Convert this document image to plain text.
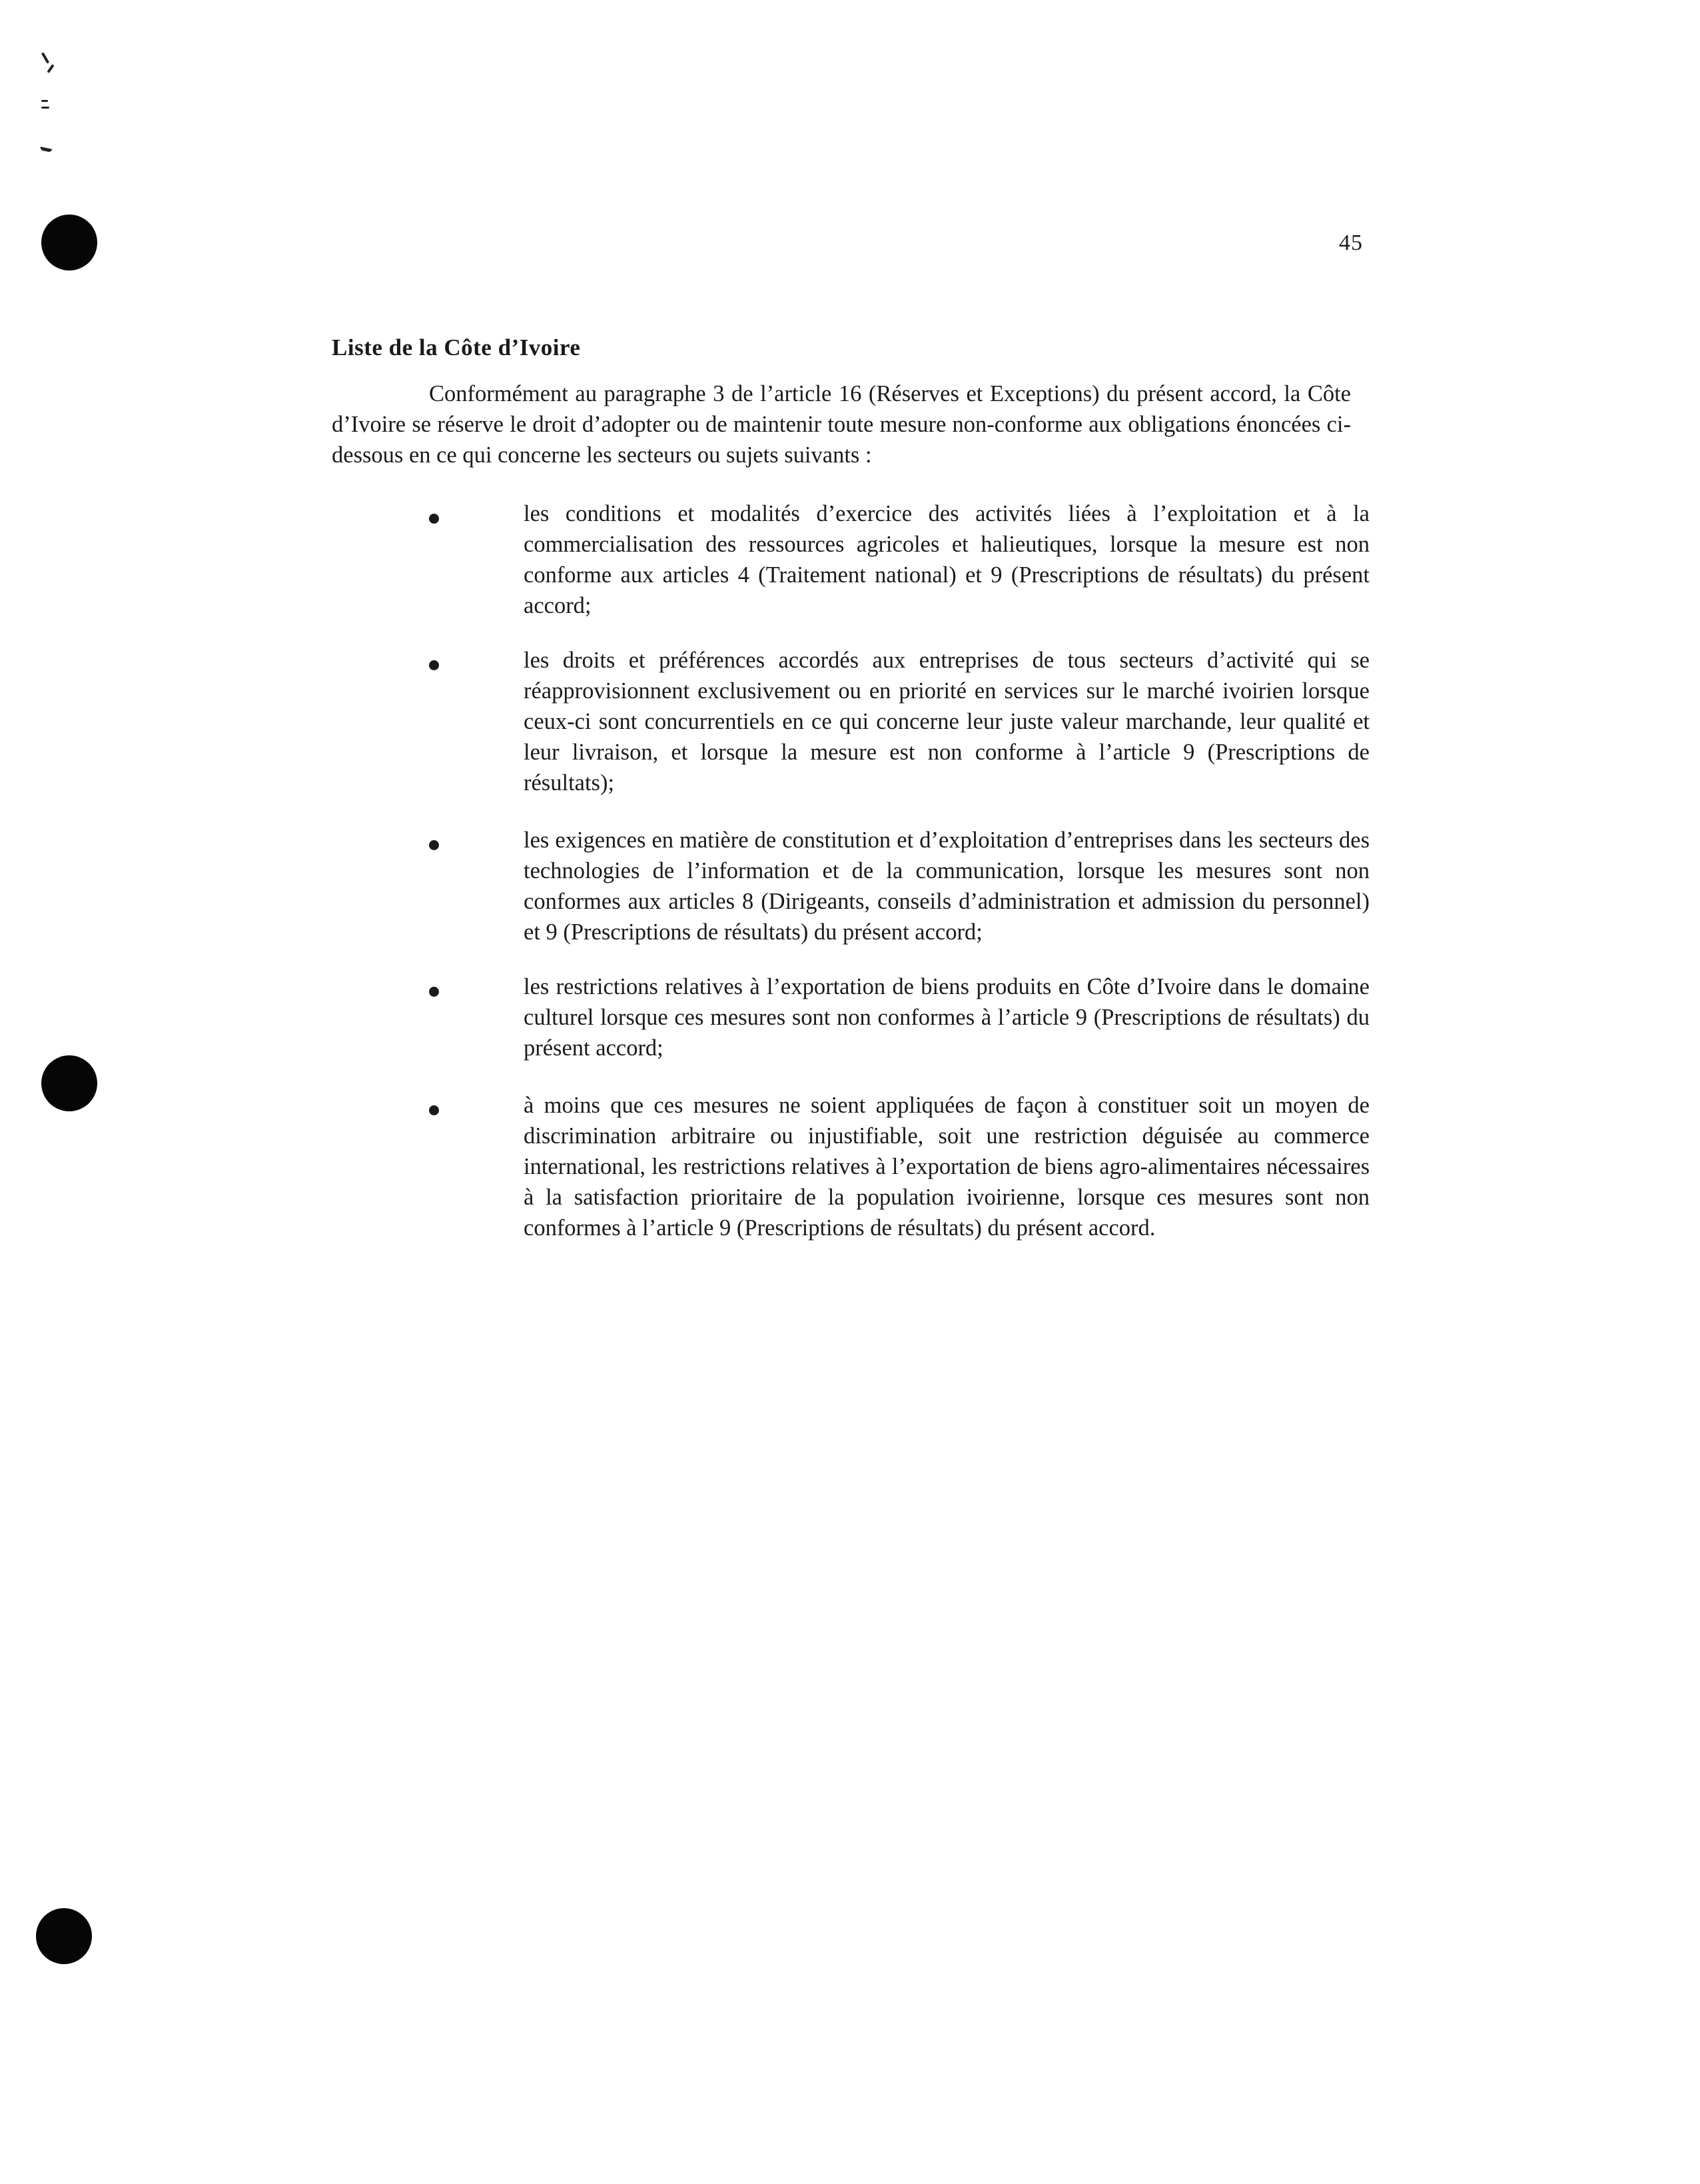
45
Liste de la Côte d’Ivoire

Conformément au paragraphe 3 de l’article 16 (Réserves et Exceptions) du présent accord, la Côte d’Ivoire se réserve le droit d’adopter ou de maintenir toute mesure non-conforme aux obligations énoncées ci-dessous en ce qui concerne les secteurs ou sujets suivants :

les conditions et modalités d’exercice des activités liées à l’exploitation et à la commercialisation des ressources agricoles et halieutiques, lorsque la mesure est non conforme aux articles 4 (Traitement national) et 9 (Prescriptions de résultats) du présent accord;
les droits et préférences accordés aux entreprises de tous secteurs d’activité qui se réapprovisionnent exclusivement ou en priorité en services sur le marché ivoirien lorsque ceux-ci sont concurrentiels en ce qui concerne leur juste valeur marchande, leur qualité et leur livraison, et lorsque la mesure est non conforme à l’article 9 (Prescriptions de résultats);
les exigences en matière de constitution et d’exploitation d’entreprises dans les secteurs des technologies de l’information et de la communication, lorsque les mesures sont non conformes aux articles 8 (Dirigeants, conseils d’administration et admission du personnel) et 9 (Prescriptions de résultats) du présent accord;
les restrictions relatives à l’exportation de biens produits en Côte d’Ivoire dans le domaine culturel lorsque ces mesures sont non conformes à l’article 9 (Prescriptions de résultats) du présent accord;
à moins que ces mesures ne soient appliquées de façon à constituer soit un moyen de discrimination arbitraire ou injustifiable, soit une restriction déguisée au commerce international, les restrictions relatives à l’exportation de biens agro-alimentaires nécessaires à la satisfaction prioritaire de la population ivoirienne, lorsque ces mesures sont non conformes à l’article 9 (Prescriptions de résultats) du présent accord.
